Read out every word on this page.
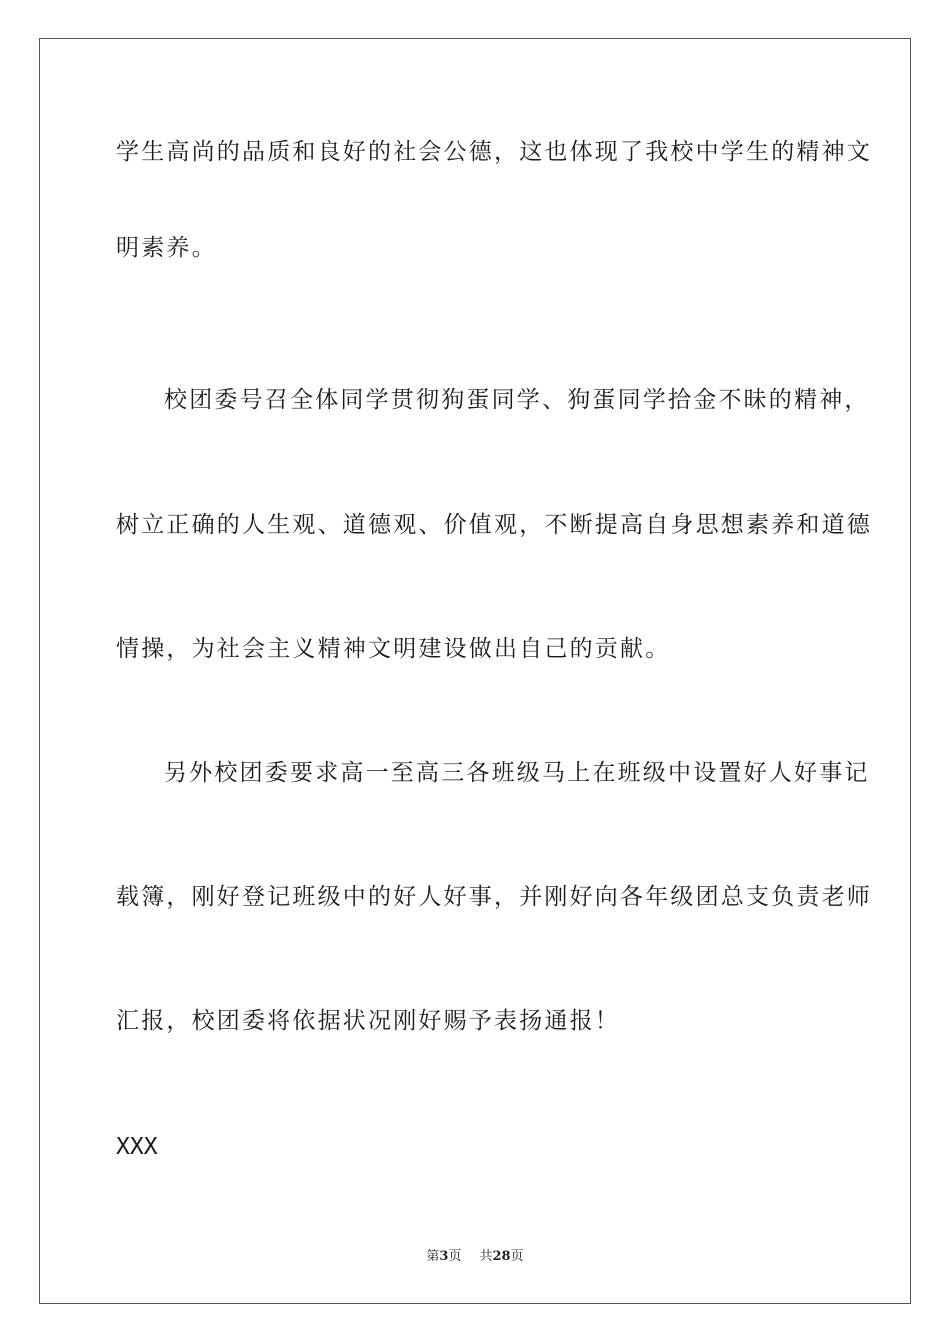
学生高尚的品质和良好的社会公德，这也体现了我校中学生的精神文
明素养。
校团委号召全体同学贯彻狗蛋同学、狗蛋同学拾金不昧的精神，
树立正确的人生观、道德观、价值观，不断提高自身思想素养和道德
情操，为社会主义精神文明建设做出自己的贡献。
另外校团委要求高一至高三各班级马上在班级中设置好人好事记
载簿，刚好登记班级中的好人好事，并刚好向各年级团总支负责老师
汇报，校团委将依据状况刚好赐予表扬通报！
XXX
第3页 共28页
